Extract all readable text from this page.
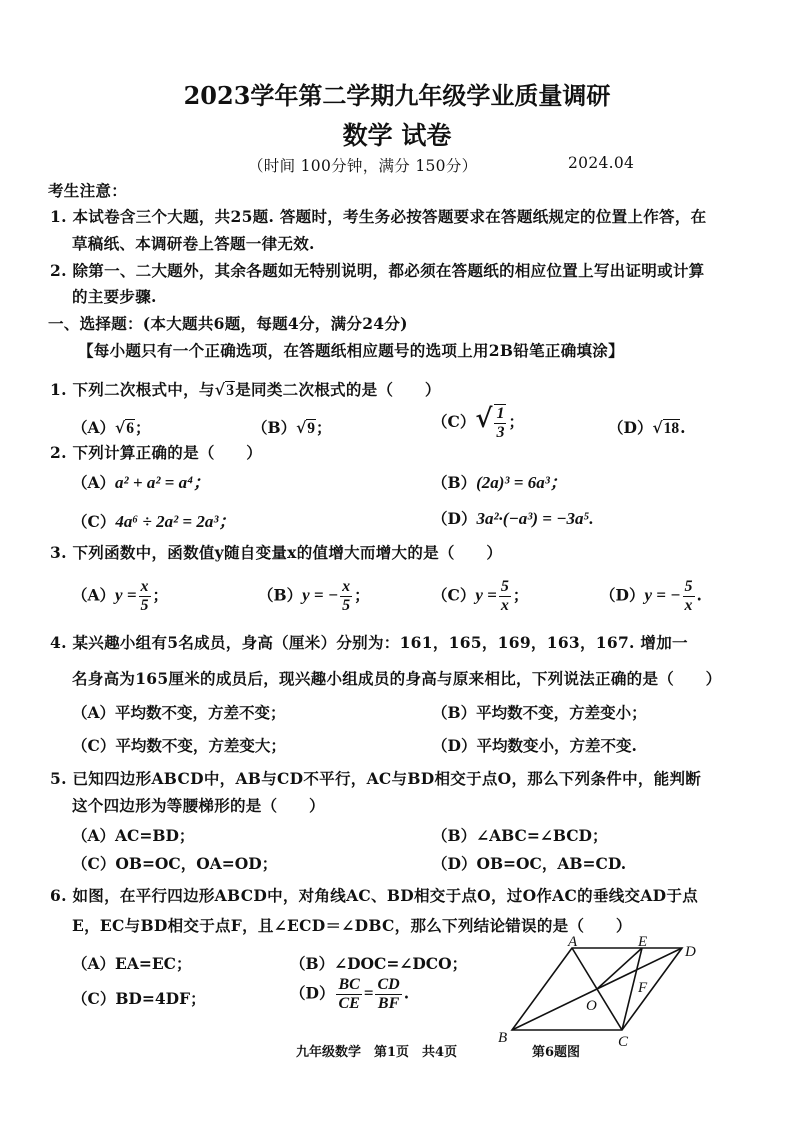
2023学年第二学期九年级学业质量调研
数学 试卷
（时间 100分钟，满分 150分）	2024.04
考生注意：
1. 本试卷含三个大题，共25题. 答题时，考生务必按答题要求在答题纸规定的位置上作答，在
草稿纸、本调研卷上答题一律无效.
2. 除第一、二大题外，其余各题如无特别说明，都必须在答题纸的相应位置上写出证明或计算
的主要步骤.
一、选择题：(本大题共6题，每题4分，满分24分)
【每小题只有一个正确选项，在答题纸相应题号的选项上用2B铅笔正确填涂】
1. 下列二次根式中，与√3是同类二次根式的是（　　）
（A）√6；	（B）√9；	$(C)√ \frac{1}{3}$ ；	（D）√18.
2. 下列计算正确的是（　　）
（A）a² + a² = a⁴；	（B）(2a)³ = 6a³；
（C）4a⁶ ÷ 2a² = 2a³；	（D）3a²·(−a³) = −3a⁵.
3. 下列函数中，函数值y随自变量x的值增大而增大的是（　　）
$(A)y = \frac{x}{5}$ ；	（B）y = − $\frac{x}{5}$ ；	$(C)y = \frac{5}{x}$ ；	（D）y = − $\frac{5}{x}$ .
4. 某兴趣小组有5名成员，身高（厘米）分别为：161，165，169，163，167. 增加一
名身高为165厘米的成员后，现兴趣小组成员的身高与原来相比，下列说法正确的是（　　）
（A）平均数不变，方差不变；	（B）平均数不变，方差变小；
（C）平均数不变，方差变大；	（D）平均数变小，方差不变.
5. 已知四边形ABCD中，AB与CD不平行，AC与BD相交于点O，那么下列条件中，能判断
这个四边形为等腰梯形的是（　　）
（A）AC=BD；	（B）∠ABC=∠BCD；
（C）OB=OC，OA=OD；	（D）OB=OC，AB=CD.
6. 如图，在平行四边形ABCD中，对角线AC、BD相交于点O，过O作AC的垂线交AD于点
E，EC与BD相交于点F，且∠ECD＝∠DBC，那么下列结论错误的是（　　）
（A）EA=EC；	（B）∠DOC=∠DCO；
（C）BD=4DF；	$(D) \frac{BC}{CE} = \frac{CD}{BF}$ .
A	E
D
F
O
B	C
九年级数学　第1页　共4页	第6题图
